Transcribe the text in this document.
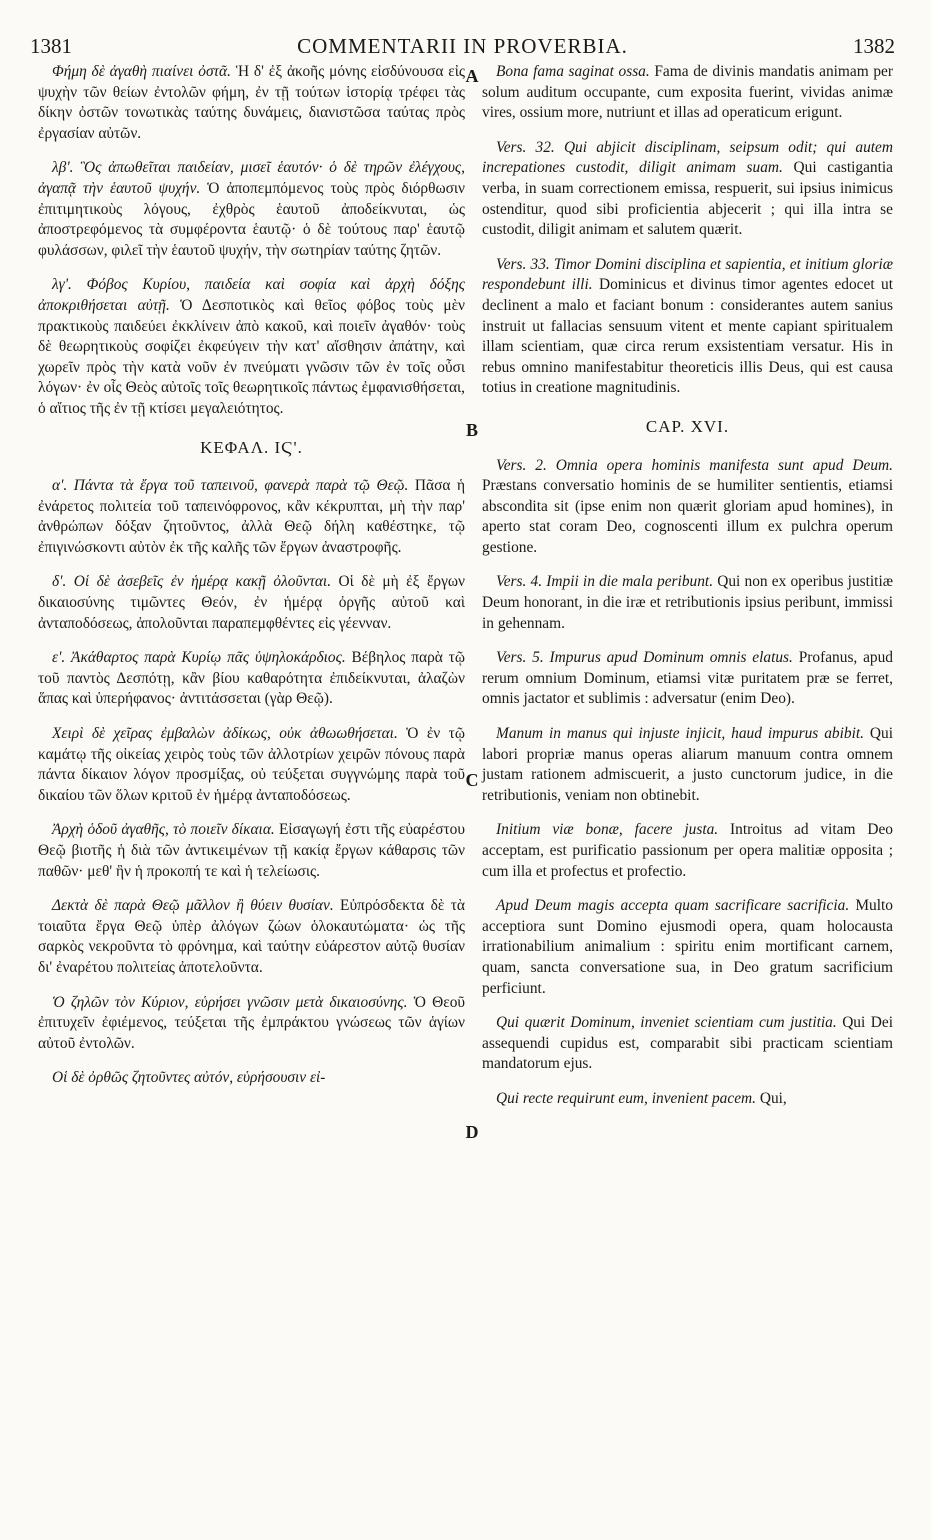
1381	COMMENTARII IN PROVERBIA.	1382

Φήμη δὲ ἀγαθὴ πιαίνει ὀστᾶ. Ἡ δ' ἐξ ἀκοῆς μόνης εἰσδύνουσα εἰς ψυχὴν τῶν θείων ἐντολῶν φήμη, ἐν τῇ τούτων ἱστορίᾳ τρέφει τὰς δίκην ὀστῶν τονωτικὰς ταύτης δυνάμεις, διανιστῶσα ταύτας πρὸς ἐργασίαν αὐτῶν.

λβ'. Ὃς ἀπωθεῖται παιδείαν, μισεῖ ἑαυτόν· ὁ δὲ τηρῶν ἐλέγχους, ἀγαπᾷ τὴν ἑαυτοῦ ψυχήν. Ὁ ἀποπεμπόμενος τοὺς πρὸς διόρθωσιν ἐπιτιμητικοὺς λόγους, ἐχθρὸς ἑαυτοῦ ἀποδείκνυται, ὡς ἀποστρεφόμενος τὰ συμφέροντα ἑαυτῷ· ὁ δὲ τούτους παρ' ἑαυτῷ φυλάσσων, φιλεῖ τὴν ἑαυτοῦ ψυχήν, τὴν σωτηρίαν ταύτης ζητῶν.

λγ'. Φόβος Κυρίου, παιδεία καὶ σοφία καὶ ἀρχὴ δόξης ἀποκριθήσεται αὐτῇ. Ὁ Δεσποτικὸς καὶ θεῖος φόβος τοὺς μὲν πρακτικοὺς παιδεύει ἐκκλίνειν ἀπὸ κακοῦ, καὶ ποιεῖν ἀγαθόν· τοὺς δὲ θεωρητικοὺς σοφίζει ἐκφεύγειν τὴν κατ' αἴσθησιν ἀπάτην, καὶ χωρεῖν πρὸς τὴν κατὰ νοῦν ἐν πνεύματι γνῶσιν τῶν ἐν τοῖς οὖσι λόγων· ἐν οἷς Θεὸς αὐτοῖς τοῖς θεωρητικοῖς πάντως ἐμφανισθήσεται, ὁ αἴτιος τῆς ἐν τῇ κτίσει μεγαλειότητος.

ΚΕΦΑΛ. ΙϚ'.

α'. Πάντα τὰ ἔργα τοῦ ταπεινοῦ, φανερὰ παρὰ τῷ Θεῷ. Πᾶσα ἡ ἐνάρετος πολιτεία τοῦ ταπεινόφρονος, κἂν κέκρυπται, μὴ τὴν παρ' ἀνθρώπων δόξαν ζητοῦντος, ἀλλὰ Θεῷ δήλη καθέστηκε, τῷ ἐπιγινώσκοντι αὐτὸν ἐκ τῆς καλῆς τῶν ἔργων ἀναστροφῆς.

δ'. Οἱ δὲ ἀσεβεῖς ἐν ἡμέρᾳ κακῇ ὀλοῦνται. Οἱ δὲ μὴ ἐξ ἔργων δικαιοσύνης τιμῶντες Θεόν, ἐν ἡμέρᾳ ὀργῆς αὐτοῦ καὶ ἀνταποδόσεως, ἀπολοῦνται παραπεμφθέντες εἰς γέενναν.

ε'. Ἀκάθαρτος παρὰ Κυρίῳ πᾶς ὑψηλοκάρδιος. Βέβηλος παρὰ τῷ τοῦ παντὸς Δεσπότῃ, κἂν βίου καθαρότητα ἐπιδείκνυται, ἀλαζὼν ἅπας καὶ ὑπερήφανος· ἀντιτάσσεται (γὰρ Θεῷ).

Χειρὶ δὲ χεῖρας ἐμβαλὼν ἀδίκως, οὐκ ἀθωωθήσεται. Ὁ ἐν τῷ καμάτῳ τῆς οἰκείας χειρὸς τοὺς τῶν ἀλλοτρίων χειρῶν πόνους παρὰ πάντα δίκαιον λόγον προσμίξας, οὐ τεύξεται συγγνώμης παρὰ τοῦ δικαίου τῶν ὅλων κριτοῦ ἐν ἡμέρᾳ ἀνταποδόσεως.

Ἀρχὴ ὁδοῦ ἀγαθῆς, τὸ ποιεῖν δίκαια. Εἰσαγωγή ἐστι τῆς εὐαρέστου Θεῷ βιοτῆς ἡ διὰ τῶν ἀντικειμένων τῇ κακίᾳ ἔργων κάθαρσις τῶν παθῶν· μεθ' ἣν ἡ προκοπή τε καὶ ἡ τελείωσις.

Δεκτὰ δὲ παρὰ Θεῷ μᾶλλον ἢ θύειν θυσίαν. Εὐπρόσδεκτα δὲ τὰ τοιαῦτα ἔργα Θεῷ ὑπὲρ ἀλόγων ζώων ὁλοκαυτώματα· ὡς τῆς σαρκὸς νεκροῦντα τὸ φρόνημα, καὶ ταύτην εὐάρεστον αὐτῷ θυσίαν δι' ἐναρέτου πολιτείας ἀποτελοῦντα.

Ὁ ζηλῶν τὸν Κύριον, εὑρήσει γνῶσιν μετὰ δικαιοσύνης. Ὁ Θεοῦ ἐπιτυχεῖν ἐφιέμενος, τεύξεται τῆς ἐμπράκτου γνώσεως τῶν ἁγίων αὐτοῦ ἐντολῶν.

Οἱ δὲ ὀρθῶς ζητοῦντες αὐτόν, εὑρήσουσιν εἰ-

Bona fama saginat ossa. Fama de divinis mandatis animam per solum auditum occupante, cum exposita fuerint, vividas animæ vires, ossium more, nutriunt et illas ad operaticum erigunt.

Vers. 32. Qui abjicit disciplinam, seipsum odit; qui autem increpationes custodit, diligit animam suam. Qui castigantia verba, in suam correctionem emissa, respuerit, sui ipsius inimicus ostenditur, quod sibi proficientia abjecerit ; qui illa intra se custodit, diligit animam et salutem quærit.

Vers. 33. Timor Domini disciplina et sapientia, et initium gloriæ respondebunt illi. Dominicus et divinus timor agentes edocet ut declinent a malo et faciant bonum : considerantes autem sanius instruit ut fallacias sensuum vitent et mente capiant spiritualem illam scientiam, quæ circa rerum exsistentiam versatur. His in rebus omnino manifestabitur theoreticis illis Deus, qui est causa totius in creatione magnitudinis.

CAP. XVI.

Vers. 2. Omnia opera hominis manifesta sunt apud Deum. Præstans conversatio hominis de se humiliter sentientis, etiamsi abscondita sit (ipse enim non quærit gloriam apud homines), in aperto stat coram Deo, cognoscenti illum ex pulchra operum gestione.

Vers. 4. Impii in die mala peribunt. Qui non ex operibus justitiæ Deum honorant, in die iræ et retributionis ipsius peribunt, immissi in gehennam.

Vers. 5. Impurus apud Dominum omnis elatus. Profanus, apud rerum omnium Dominum, etiamsi vitæ puritatem præ se ferret, omnis jactator et sublimis : adversatur (enim Deo).

Manum in manus qui injuste injicit, haud impurus abibit. Qui labori propriæ manus operas aliarum manuum contra omnem justam rationem admiscuerit, a justo cunctorum judice, in die retributionis, veniam non obtinebit.

Initium viæ bonæ, facere justa. Introitus ad vitam Deo acceptam, est purificatio passionum per opera malitiæ opposita ; cum illa et profectus et profectio.

Apud Deum magis accepta quam sacrificare sacrificia. Multo acceptiora sunt Domino ejusmodi opera, quam holocausta irrationabilium animalium : spiritu enim mortificant carnem, quam, sancta conversatione sua, in Deo gratum sacrificium perficiunt.

Qui quærit Dominum, inveniet scientiam cum justitia. Qui Dei assequendi cupidus est, comparabit sibi practicam scientiam mandatorum ejus.

Qui recte requirunt eum, invenient pacem. Qui,

A
B
C
D
